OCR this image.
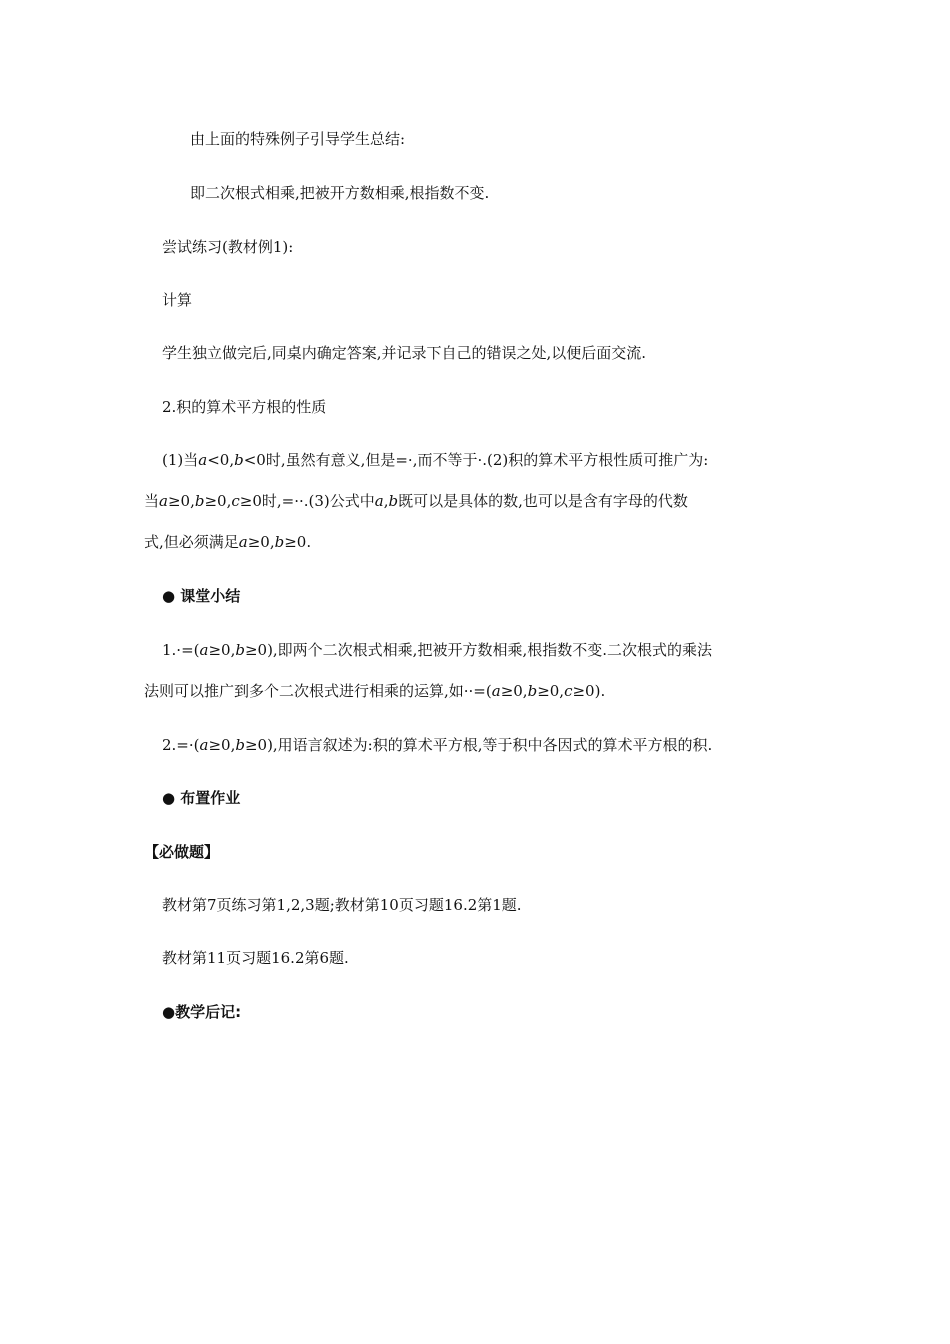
由上面的特殊例子引导学生总结:
即二次根式相乘,把被开方数相乘,根指数不变.
尝试练习(教材例1):
计算
学生独立做完后,同桌内确定答案,并记录下自己的错误之处,以便后面交流.
2.积的算术平方根的性质
(1)当a<0,b<0时,虽然有意义,但是=·,而不等于·.(2)积的算术平方根性质可推广为:
当a≥0,b≥0,c≥0时,=··.(3)公式中a,b既可以是具体的数,也可以是含有字母的代数
式,但必须满足a≥0,b≥0.
● 课堂小结
1.·=(a≥0,b≥0),即两个二次根式相乘,把被开方数相乘,根指数不变.二次根式的乘法
法则可以推广到多个二次根式进行相乘的运算,如··=(a≥0,b≥0,c≥0).
2.=·(a≥0,b≥0),用语言叙述为:积的算术平方根,等于积中各因式的算术平方根的积.
● 布置作业
【必做题】
教材第7页练习第1,2,3题;教材第10页习题16.2第1题.
教材第11页习题16.2第6题.
●教学后记:
